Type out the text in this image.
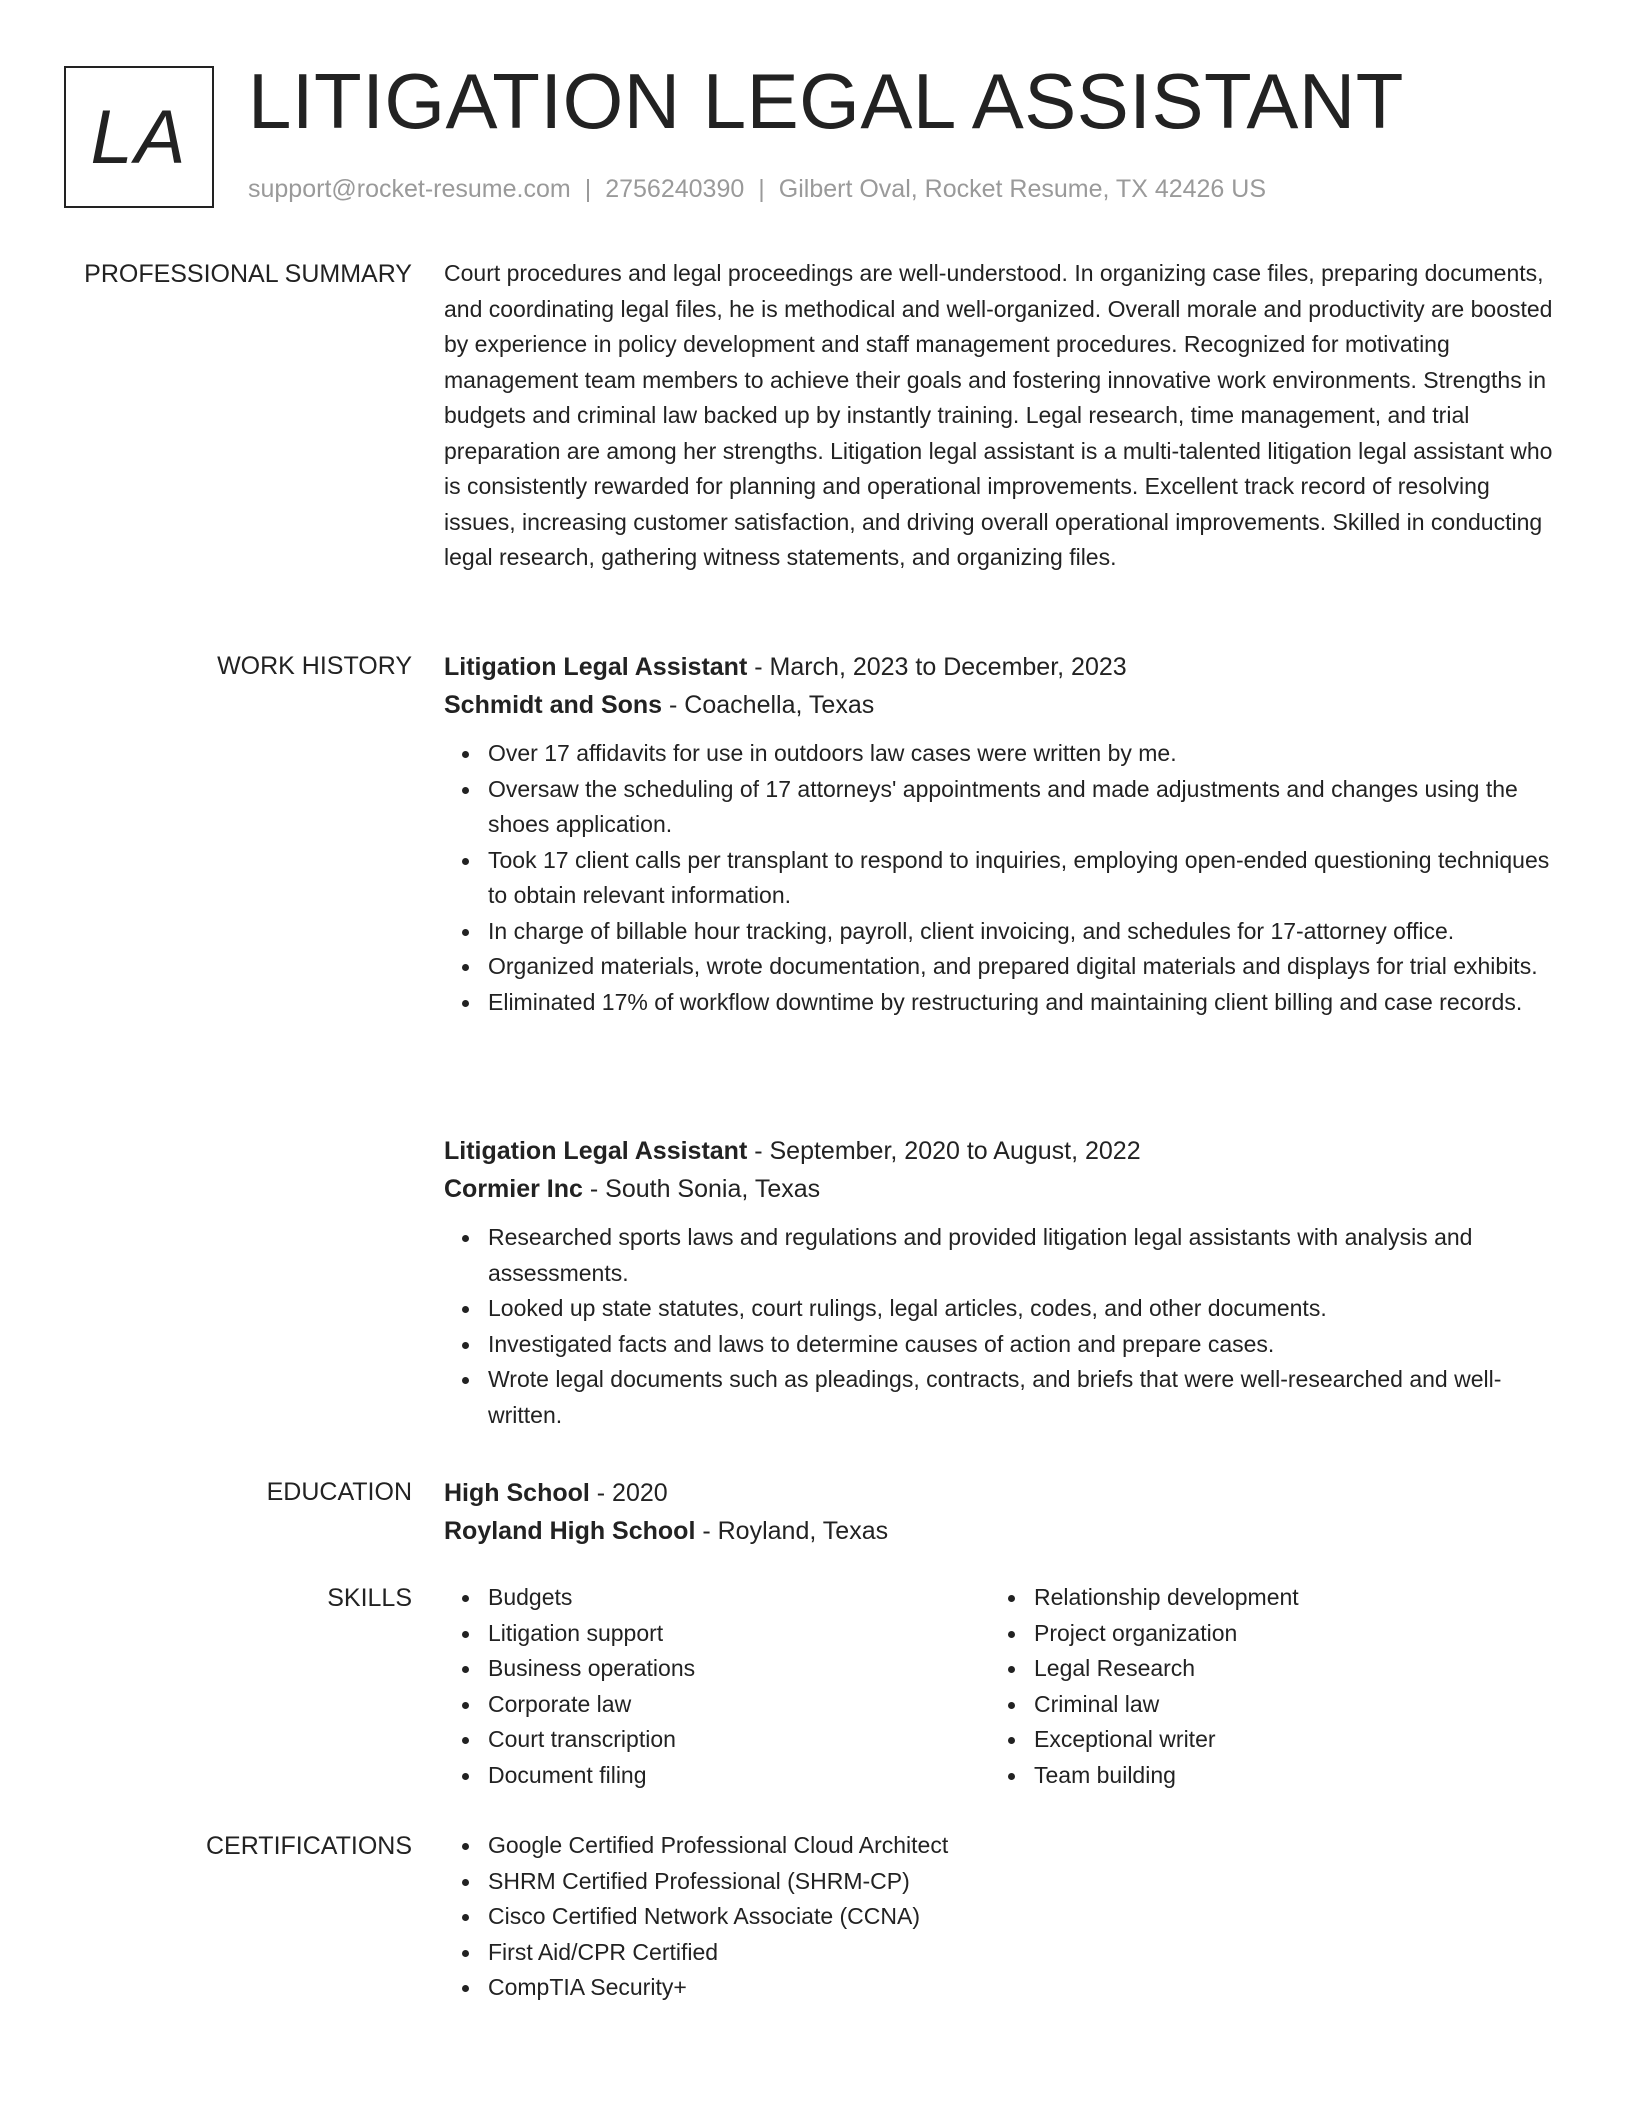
LA LITIGATION LEGAL ASSISTANT
support@rocket-resume.com | 2756240390 | Gilbert Oval, Rocket Resume, TX 42426 US
PROFESSIONAL SUMMARY Court procedures and legal proceedings are well-understood. In organizing case files, preparing documents, and coordinating legal files, he is methodical and well-organized. Overall morale and productivity are boosted by experience in policy development and staff management procedures. Recognized for motivating management team members to achieve their goals and fostering innovative work environments. Strengths in budgets and criminal law backed up by instantly training. Legal research, time management, and trial preparation are among her strengths. Litigation legal assistant is a multi-talented litigation legal assistant who is consistently rewarded for planning and operational improvements. Excellent track record of resolving issues, increasing customer satisfaction, and driving overall operational improvements. Skilled in conducting legal research, gathering witness statements, and organizing files.

WORK HISTORY Litigation Legal Assistant - March, 2023 to December, 2023
Schmidt and Sons - Coachella, Texas
Over 17 affidavits for use in outdoors law cases were written by me.
Oversaw the scheduling of 17 attorneys' appointments and made adjustments and changes using the shoes application.
Took 17 client calls per transplant to respond to inquiries, employing open-ended questioning techniques to obtain relevant information.
In charge of billable hour tracking, payroll, client invoicing, and schedules for 17-attorney office.
Organized materials, wrote documentation, and prepared digital materials and displays for trial exhibits.
Eliminated 17% of workflow downtime by restructuring and maintaining client billing and case records.
Litigation Legal Assistant - September, 2020 to August, 2022
Cormier Inc - South Sonia, Texas
Researched sports laws and regulations and provided litigation legal assistants with analysis and assessments.
Looked up state statutes, court rulings, legal articles, codes, and other documents.
Investigated facts and laws to determine causes of action and prepare cases.
Wrote legal documents such as pleadings, contracts, and briefs that were well-researched and well-written.
EDUCATION High School - 2020
Royland High School - Royland, Texas
SKILLS	Budgets
Litigation support
Business operations
Corporate law
Court transcription
Document filing
Relationship development
Project organization
Legal Research
Criminal law
Exceptional writer
Team building
CERTIFICATIONS	Google Certified Professional Cloud Architect
SHRM Certified Professional (SHRM-CP)
Cisco Certified Network Associate (CCNA)
First Aid/CPR Certified
CompTIA Security+
